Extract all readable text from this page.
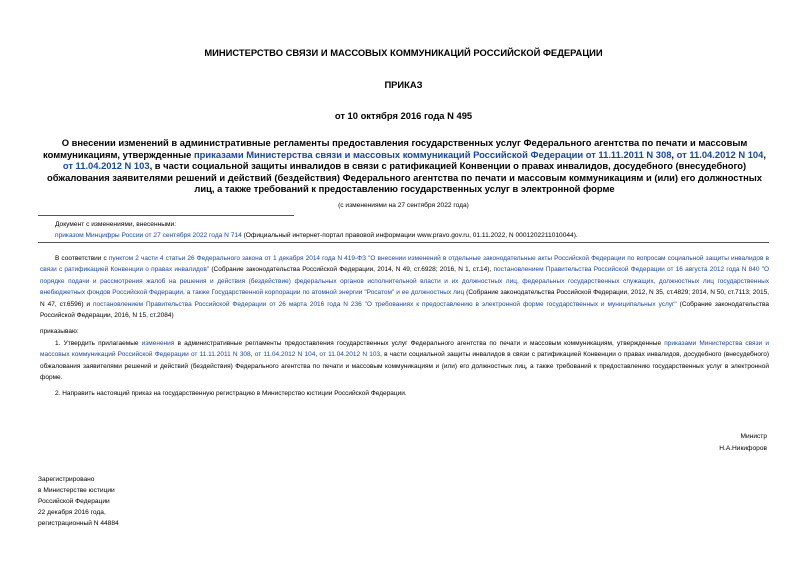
МИНИСТЕРСТВО СВЯЗИ И МАССОВЫХ КОММУНИКАЦИЙ РОССИЙСКОЙ ФЕДЕРАЦИИ
ПРИКАЗ
от 10 октября 2016 года N 495
О внесении изменений в административные регламенты предоставления государственных услуг Федерального агентства по печати и массовым коммуникациям, утвержденные приказами Министерства связи и массовых коммуникаций Российской Федерации от 11.11.2011 N 308, от 11.04.2012 N 104, от 11.04.2012 N 103, в части социальной защиты инвалидов в связи с ратификацией Конвенции о правах инвалидов, досудебного (внесудебного) обжалования заявителями решений и действий (бездействия) Федерального агентства по печати и массовым коммуникациям и (или) его должностных лиц, а также требований к предоставлению государственных услуг в электронной форме
(с изменениями на 27 сентября 2022 года)
Документ с изменениями, внесенными:
приказом Минцифры России от 27 сентября 2022 года N 714 (Официальный интернет-портал правовой информации www.pravo.gov.ru, 01.11.2022, N 0001202211010044).
В соответствии с пунктом 2 части 4 статьи 26 Федерального закона от 1 декабря 2014 года N 419-ФЗ "О внесении изменений в отдельные законодательные акты Российской Федерации по вопросам социальной защиты инвалидов в связи с ратификацией Конвенции о правах инвалидов" (Собрание законодательства Российской Федерации, 2014, N 49, ст.6928; 2016, N 1, ст.14), постановлением Правительства Российской Федерации от 16 августа 2012 года N 840 "О порядке подачи и рассмотрения жалоб на решения и действия (бездействие) федеральных органов исполнительной власти и их должностных лиц, федеральных государственных служащих, должностных лиц государственных внебюджетных фондов Российской Федерации, а также Государственной корпорации по атомной энергии "Росатом" и ее должностных лиц (Собрание законодательства Российской Федерации, 2012, N 35, ст.4829; 2014, N 50, ст.7113; 2015, N 47, ст.6596) и постановлением Правительства Российской Федерации от 26 марта 2016 года N 236 "О требованиях к предоставлению в электронной форме государственных и муниципальных услуг" (Собрание законодательства Российской Федерации, 2016, N 15, ст.2084)
приказываю:
1. Утвердить прилагаемые изменения в административные регламенты предоставления государственных услуг Федерального агентства по печати и массовым коммуникациям, утвержденные приказами Министерства связи и массовых коммуникаций Российской Федерации от 11.11.2011 N 308, от 11.04.2012 N 104, от 11.04.2012 N 103, в части социальной защиты инвалидов в связи с ратификацией Конвенции о правах инвалидов, досудебного (внесудебного) обжалования заявителями решений и действий (бездействия) Федерального агентства по печати и массовым коммуникациям и (или) его должностных лиц, а также требований к предоставлению государственных услуг в электронной форме.
2. Направить настоящий приказ на государственную регистрацию в Министерство юстиции Российской Федерации.
Министр
Н.А.Никифоров
Зарегистрировано
в Министерстве юстиции
Российской Федерации
22 декабря 2016 года,
регистрационный N 44884
